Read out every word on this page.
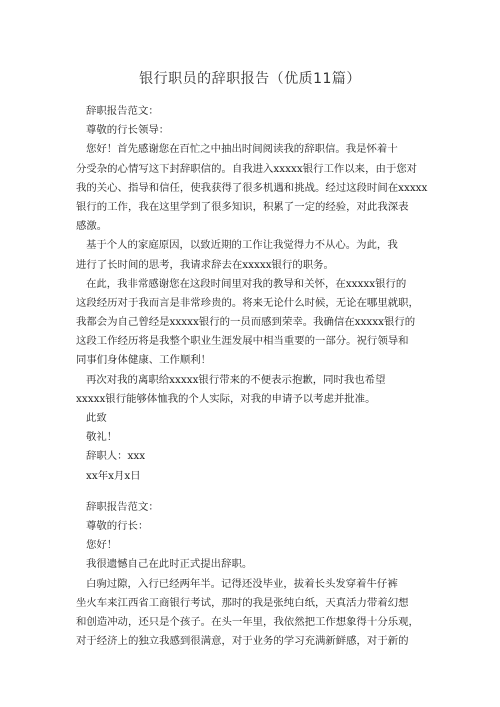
银行职员的辞职报告（优质11篇）
辞职报告范文：
尊敬的行长领导：
您好！首先感谢您在百忙之中抽出时间阅读我的辞职信。我是怀着十
分受杂的心情写这下封辞职信的。自我进入xxxxx银行工作以来，由于您对
我的关心、指导和信任，使我获得了很多机遇和挑战。经过这段时间在xxxxx
银行的工作，我在这里学到了很多知识，积累了一定的经验，对此我深表
感激。
基于个人的家庭原因，以致近期的工作让我觉得力不从心。为此，我
进行了长时间的思考，我请求辞去在xxxxx银行的职务。
在此，我非常感谢您在这段时间里对我的教导和关怀，在xxxxx银行的
这段经历对于我而言是非常珍贵的。将来无论什么时候，无论在哪里就职，
我都会为自己曾经是xxxxx银行的一员而感到荣幸。我确信在xxxxx银行的
这段工作经历将是我整个职业生涯发展中相当重要的一部分。祝行领导和
同事们身体健康、工作顺利！
再次对我的离职给xxxxx银行带来的不便表示抱歉，同时我也希望
xxxxx银行能够体恤我的个人实际，对我的申请予以考虑并批准。
此致
敬礼！
辞职人：xxx
xx年x月x日
辞职报告范文：
尊敬的行长：
您好！
我很遗憾自己在此时正式提出辞职。
白驹过隙，入行已经两年半。记得还没毕业，拔着长头发穿着牛仔裤
坐火车来江西省工商银行考试，那时的我是张纯白纸，天真活力带着幻想
和创造冲动，还只是个孩子。在头一年里，我依然把工作想象得十分乐观，
对于经济上的独立我感到很满意，对于业务的学习充满新鲜感，对于新的
